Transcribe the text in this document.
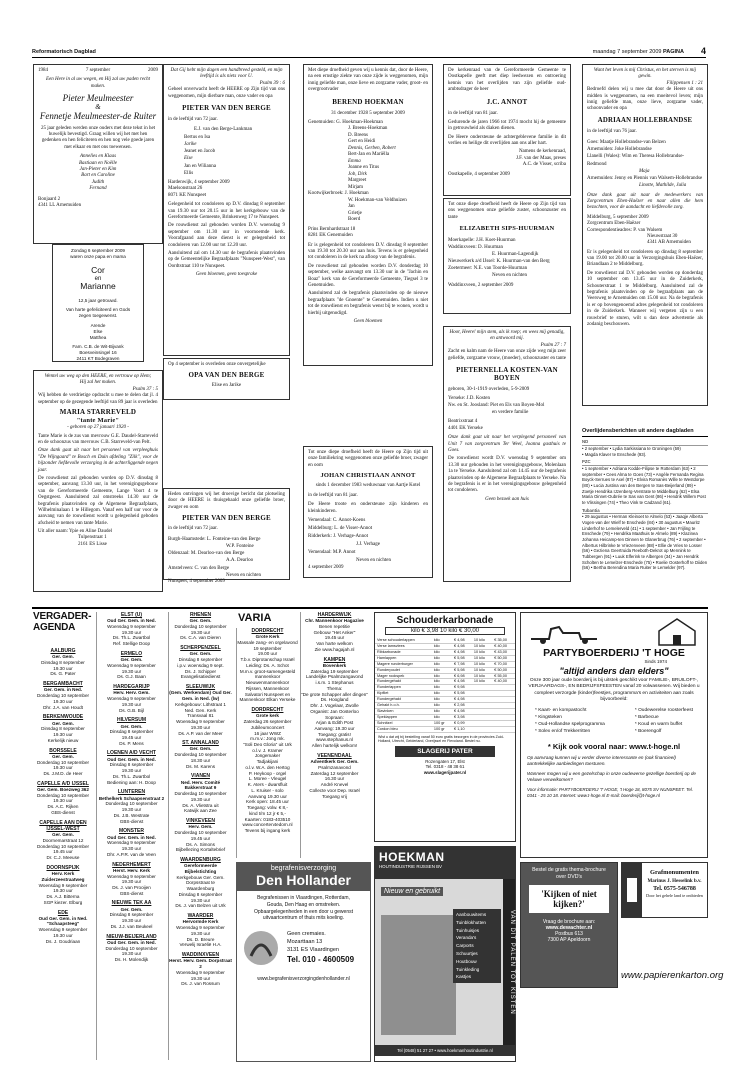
Reformatorisch Dagblad	maandag 7 september 2009 PAGINA 4
1984	7 september	2009
Een Here in al uw wegen, en Hij zal uw paden recht maken.
Pieter Meulmeester
&
Fennetje Meulmeester-de Ruiter
25 jaar geleden werden onze ouders met deze tekst in het huwelijk bevestigd. Graag willen wij het met hen gedenken en hen feliciteren en hen nog vele goede jaren met elkaar en met ons toewensen.
Annelies en Klaas
Bastiaan en Noëlle
Jan-Pieter en Kim
Bart en Caroline
Judith
Fernand
Bonjaard 2
4341 LL Arnemuiden
Zondag 6 september 2009
waren onze papa en mama
Cor
en
Marianne
12,5 jaar getrouwd.
Van harte gefeliciteerd en Gods zegen toegewenst.
Arende
Else
Matthea
Fam. C.B. de Wit-Bijvank
Boesveinsingel 16
2411 KT Bodegraven
Wentel uw weg op den HEERE, en vertrouw op Hem; Hij zal het maken.
Psalm 37 : 5
Wij hebben de verdrietige opdracht u mee te delen dat jl. 4 september op de gezegende leeftijd van 89 jaar is overleden
MARIA STARREVELD
"tante Marie"
- geboren op 27 januari 1920 -
Tante Marie is de zus van mevrouw G.E. Daudel-Starreveld en de schoonzus van mevrouw C.B. Starreveld-van Pelt.
Onze dank gaat uit naar het personeel van verpleeghuis "De Wijngaard" te Bosch en Duin afdeling "Zilk", voor de bijzonder liefdevolle verzorging in de achterliggende negen jaar.
De rouwdienst zal gehouden worden op D.V. dinsdag 8 september, aanvang 13.30 uur, in het verenigingsgebouw van de Gereformeerde Gemeente, Lange Voort 4 te Oegstgeest. Aansluitend zal omstreeks 14.30 uur de begrafenis plaatsvinden op de Algemene Begraafplaats, Wilhelminalaan 1 te Hillegom. Vanaf een half uur voor de aanvang van de rouwdienst wordt u gelegenheid geboden afscheid te nemen van tante Marie.
Uit aller naam: Ypie en Aline Daudel
Tulpenstraat 1
2161 ES Lisse
Dat Gij hebt mijn dagen een handbreed gesteld, en mijn leeftijd is als niets voor U.
Psalm 39 : 6
Geheel onverwacht heeft de HEERE op Zijn tijd van ons weggenomen, mijn dierbare man, onze vader en opa
PIETER VAN DEN BERGE
in de leeftijd van 72 jaar.
E.J. van den Berge-Lankman
Bertus en Isa
Jarike
Jeanet en Jacob
Else
Jan en Wilianna
Ellis
Hardenwijk, 4 september 2009
Maelsonstraat 26
8071 KE Nunspeet
Gelegenheid tot condoleren op D.V. dinsdag 8 september van 19.30 uur tot 20.15 uur in het kerkgebouw van de Gereformeerde Gemeente, Brinkenweg 17 te Nunspeet.
De rouwdienst zal gehouden worden D.V. woensdag 9 september om 11.30 uur in voornoemde kerk. Voorafgaand aan deze dienst is er gelegenheid tot condoleren van 12.00 uur tot 12.20 uur.
Aansluitend zal om 14.30 uur de begrafenis plaatsvinden op de Gemeentelijke Begraafplaats "Nunspeet-West", van Oordtstraat 110 te Nunspeet.
Geen bloemen, geen toesprake
Op 4 september is overleden onze onvergetelijke
OPA VAN DEN BERGE
Elise en Jarike
Heden ontvingen wij het droevige bericht dat plotseling door de HEERE is thuisgehaald onze geliefde broer, zwager en oom
PIETER VAN DEN BERGE
in de leeftijd van 72 jaar.
Burgh-Haamstede: L. Fonteine-van den Berge
W.P. Fonteine
Oldenzaal: M. Dearloo-van den Berge
A.A. Dearloo
Amstelveen: C. van den Berge
Neven en nichten
Nunspeet, 4 september 2009
Met diepe droefheid geven wij u kennis dat, door de Heere, na een ernstige ziekte van onze zijde is weggenomen, mijn innig geliefde man, onze lieve en zorgzame vader, groot- en overgrootvader
BEREND HOEKMAN
31 december 1928 5 september 2009
Genemuiden: G. Hoekman-Hoekman
J. Breens-Hoekman
D. Breens
Gert en Heidi
Dennis, Gerben, Robert
Bert-Jan en Mariëlla
Emma
Joanne en Titus
Job, Dirk
Margreet
Mirjam
Kootwijkerbroek: J. Hoekman
W. Hoekman-van Veldhuizen
Jan
Grietje
Boerd
Prins Bernhardstraat 18
8281 EK Genemuiden
Er is gelegenheid tot condoleren D.V. dinsdag 8 september van 19.30 tot 20.30 uur aan huis. Tevens is er gelegenheid tot condoleren in de kerk na afloop van de begrafenis.
De rouwdienst zal gehouden worden D.V. donderdag 10 september, welke aanvangt om 13.30 uur in de "Jachin en Boaz" kerk van de Gereformeerde Gemeente, Tiegsel 3 te Genemuiden.
Aansluitend zal de begrafenis plaatsvinden op de nieuwe begraafplaats "de Gnoente" te Genemuiden. Indien u niet tot de rouwdienst en begrafenis wenst bij te wonen, wordt u hierbij uitgenodigd.
Geen bloemen
Tot onze diepe droefheid heeft de Heere op Zijn tijd uit onze familiekring weggenomen onze geliefde broer, zwager en oom
JOHAN CHRISTIAAN ANNOT
sinds 1 december 1983 weduwnaar van Aartje Kotel
in de leeftijd van 81 jaar.
De Heere troote en ondersteune zijn kinderen en kleinkinderen.
Vemendaal: C. Annot-Koens
Middelburg: L. de Visser-Annot
Ridderkerk: J. Verhage-Annot
J.J. Verhage
Vemendaal: M.P. Annot
Neven en nichten
4 september 2009
De kerkenraad van de Gereformeerde Gemeente te Oostkapelle geeft met diep leedwezen en ontroering kennis van het overlijden van zijn geliefde oud-ambtsdrager de heer
J.C. ANNOT
in de leeftijd van 81 jaar.
Gedurende de jaren 1966 tot 1974 mocht hij de gemeente in getrouwheid als diaken dienen.
De Heere ondersteune de achtergeblevene familie in dit verlies en heilige dit overlijden aan ons aller hart.
Namens de kerkenraad,
J.F. van der Maas, preses
A.C. de Visser, scriba
Oostkapelle, 4 september 2009
Tot onze diepe droefheid heeft de Heere op Zijn tijd van ons weggenomen onze geliefde zuster, schoonzuster en tante
ELIZABETH SIPS-HUURMAN
Moerkapelle: J.H. Koet-Huurman
Waddinxveen: D. Huurman
E. Huurman-Lagendijk
Nieuwerkerk a/d IJssel: K. Huurman-van den Berg
Zoetermeer: N.E. van Toorde-Huurman
Neven en nichten
Waddinxveen, 2 september 2009
Hoor, Heere! mijn stem, als ik roep; en wees mij genadig, en antwoord mij.
Psalm 27 : 7
Zacht en kalm nam de Heere van onze zijde weg mijn zeer geliefde, zorgzame vrouw, (moeder), schoonzuster en tante
PIETERNELLA KOSTEN-VAN BOYEN
geboren, 30-1-1919 overleden, 5-9-2009
Yerseke: J.D. Kosten
Nw. en St. Joosland: Piet en Els van Boyen-Mol
en verdere familie
Beatrixstraat 4
4401 EK Yerseke
Onze dank gaat uit naar het verplegend personeel van Unit 7 van zorgcentrum Ter Weel, Joanna gasthuis te Goes.
De rouwdienst wordt D.V. woensdag 9 september om 13.30 uur gehouden in het verenigingsgebouw, Molenlaan 1a te Yerseke. Aansluitend zal om 14.45 uur de begrafenis plaatsvinden op de Algemene Begraafplaats te Yerseke. Na de begrafenis is er in het verenigingsgebouw gelegenheid tot condoleren.
Geen bezoek aan huis
Want het leven is mij Christus, en het sterven is mij gewin.
Filippensen 1 : 21
Bedroefd delen wij u mee dat door de Heere uit ons midden is weggenomen, na een moeitevol leven; mijn innig geliefde man, onze lieve, zorgzame vader, schoonvader en opa
ADRIAAN HOLLEBRANDSE
in de leeftijd van 76 jaar.
Goes: Maatje Hollebrandse-van Belzen
Arnemuiden: Joke Hollebrandse
Llanelli (Wales): Wim en Theresa Hollebrandse-Redmond
Maja
Arnemuiden: Jenny en Plennis van Walsem-Hollebrandse
Linotte, Mathilde, Julia
Onze dank gaat uit naar de medewerkers van Zorgcentrum Ehen-Haëzer en naar allen die hem bezochten, voor de aandacht en liefdevolle zorg.
Middelburg, 5 september 2009
Zorgcentrum Eben-Haëzer
Correspondentieadres: P. van Walsem
Nieuwstraat 30
4341 AB Arnemuiden
Er is gelegenheid tot condoleren op dinsdag 8 september van 19.00 tot 20.00 uur in Verzorgingshuis Eben-Haëzer, Briandlaan 2 te Middelburg.
De rouwdienst zal D.V. gehouden worden op donderdag 10 september om 13.45 uur in de Zuiderkerk, Schouterstraat 1 te Middelburg. Aansluitend zal de begrafenis plaatsvinden op de begraafplaats aan de Veersweg te Arnemuiden om 15.00 uur. Na de begrafenis is er op bovengenoemd adres gelegenheid tot condoleren in de Zuiderkerk. Wanneer wij vergeten zijn u een rouwbrief te sturen, wilt u dan deze advertentie als zodanig beschouwen.
Overlijdensberichten uit andere dagbladen
ND
• 2 september • Lydia Sarkissiana te Groningen (59)
• Magda Klaver te Enschede (93).
PZC
• 1 september • Adriana Kodde-Filipse te Rotterdam (63) • 2 september • Cees Alma te Goes (73) • Angèle Fernanda Regina Boyck-Serrues te Axel (87) • Elvira Romanès Wille te Westdorpe (80) • Lucia Justina van den Bergen te Sas-Beijerland (89) • Zoetje Hendrika IJzenberg-Verstrate te Middelburg (62) • Elsa Maria Oinnet-Oubrée te Sas van Gent (86) • Hendrik Willem Post te Vlissingen (74) • Theo Vink te Cadzand (61).
Tubantia
• 29 augustus • Herman Kleinoet te Almelo (53) • Jaaqje Alberta Vogen-van der Wielf te Enschede (84) • 30 augustus • Mauritz Linderhof te Lemelerveld (41) • 1 september • Jan Frijling te Enschede (79) • Hendrika Maathuis te Almelo (89) • Klazinea Johanna Heicamp-ten Dinnen te Glanerbrug (76) • 2 september • Albertus Hilbrinke te Vriezenveen (88) • Ellie de Vries te Losser (56) • Geziena Geertruida Reeboth-Dekrot op Mennink te Tubbergen (91) • Luuk Elferink te Albergen (34) • Jan Hendrik Scholten te Lemelzer-Enschede (75) • Roelie Oosterhoff te Diiden (56) • Bertha Berendina Maria Ruiter te Lemelder (97).
VERGADER-AGENDA
AALBURG
Ger. Gem.
Dinsdag 8 september
19.30 uur
Ds. G. Pater
BERGAMBACHT
Ger. Gem. in Ned.
Donderdag 10 september
19.30 uur
Dhr. J.A. van Houdt
BERKENWOUDE
Ger. Gem.
Dinsdag 8 september
19.30 uur
Kerkelijk nieuw
BORSSELE
Ger. Gem.
Donderdag 10 september
19.30 uur
Ds. J.M.D. de Heer
CAPELLE A/D IJSSEL
Ger. Gem. Boezweg 362
Donderdag 10 september
19.30 uur
Ds. A.C. Rijken
GBS-dienst
CAPELLE AAN DEN IJSSEL-WEST
Ger. Gem.
Doornemarstraat 12
Donderdag 10 september
19.45 uur
Dr. C.J. Meeuse
DOORNSPIJK
Herv. Kerk Zuiderzeestraatweg
Woensdag 9 september
19.30 uur
Ds. A.J. Bitterna
SGP kiezer. Elburg
EDE
Oud Ger. Gem. in Ned. "Schaapsteeg"
Woensdag 9 september
19.30 uur
Ds. J. Goudriaan
ELST (U)
Oud Ger. Gem. in Ned.
Woensdag 9 september
19.30 uur
Ds. Th.L. Zwartbol
Ref. Stellige Doop
ERMELO
Ger. Gem.
Woensdag 9 september
19.30 uur
Ds. G.J. Baan
HARDEGARIJP
Herv. Herv. Gem.
Woensdag 9 september
19.30 uur
Ds. G.B. Bijl
HILVERSUM
Ger. Gem.
Dinsdag 8 september
19.45 uur
Ds. P. Mens
LOENEN A/D VECHT
Oud Ger. Gem. in Ned.
Dinsdag 8 september
19.30 uur
Ds. Th.L. Zwartbol
Bediening aan: H. Doop
LUNTEREN
Bethelkerk Schaapsenstraat 2
Donderdag 10 september
19.30 uur
Ds. J.B. Westrate
GBS-dienst
MONSTER
Oud Ger. Gem. in Ned.
Woensdag 9 september
19.30 uur
Dhr. A.P.R. van de Veen
NEDERHEMERT
Herst. Herv. Kerk
Woensdag 9 september
19.30 uur
Ds. J. van Prooijen
GBS-dienst
NIEUWE TEK AA
Ger. Gem.
Dinsdag 8 september
19.30 uur
Ds. J.J. van Beukeel
NIEUW-BEIJERLAND
Oud Ger. Gem. in Ned.
Donderdag 10 september
19.30 uur
Ds. H. Molendijk
RHENEN
Ger. Gem.
Donderdag 10 september
19.30 uur
Ds. C.A. van Dieren
SCHERPENZEEL
Ger. Gem.
Dinsdag 8 september
i.p.v. woensdag 9 sept.
Ds. J. Schipper
Evangelisatiedienst
SLEEUWIJK
(Gem. Werkendam) Oud Ger. Gem. in Ned. (lw)
Kerkgebouw: Lithstraat 1
Ned. Gen. Kerk
Transvaal 81
Woensdag 9 september
19.30 uur
Ds. A.P. van der Meer
ST. ANNALAND
Ger. Gem.
Donderdag 10 september
18.30 uur
Ds. M. Karens
VIANEN
Ned. Herv. Comité Bakkerstraat 9
Donderdag 10 september
19.30 uur
Ds. A. Vlietstra uit
Katwijk aan Zee
VINKEVEEN
Herv. Gem.
Donderdag 10 september
19.45 uur
Ds. A. Simons
Bijbellezing Kortaltebrief
WAARDENBURG
Gereformeerde Bijbelstichting
Kerkgebouw Ger. Gem.
Dorpsstraat te
Waardenburg
Dinsdag 8 september
19.30 uur
Ds. J. van Belzen uit Urk
WAARDER
Hervormde Kerk
Woensdag 9 september
19.30 uur
Ds. D. Breure
Verwelij Israëlië H.A.
WADDINXVEEN
Herst. Herv. Gem. Dorpstraat 2
Woensdag 9 september
19.30 uur
Ds. J. van Rossum
VARIA
DORDRECHT
Grote Kerk
Massale zang- en orgelavond
19 september
19.00 uur
T.b.v. Diprotanschap Israël
Leiding: Ds. A. Schot
M.m.v. groot-samengesteld mannenkoor
Nieuwenmannenkoor Rijssen, Mannenkoor Salvatori Nunspeet en Mannenkoor Elkan Yerseke
DORDRECHT
Grote kerk
Zaterdag 26 september
Jubileumconcert
16 jaar WWZ
m.m.v.: Jong mk.
"Soli Deo Gloria" uit Urk
o.l.v. J. Kramer
Jongemaker
Tadjakijani
o.l.v. W.A. den Hertog
P. Heykoop - orgel
L. Moree - Vleugel
K. Aters - dwarsfluit
L. Kruiser - solo
Aanvang 19.30 uur
Kerk open: 18.45 uur
Toegang: volw. € 8,-
kind t/m 12 jr € 5,-
Kaarten: 0183-403510
www.concerten4edom.nl
Tevens bij ingang kerk
HARDERWIJK
Chr. Mannenkoor Hagazive
Benen repetitie
Gebouw "Het Anker"
19.45 uur
Van harte welkom
Zie www.hagajah.nl
KAMPEN
Bovenkerk
Zaterdag 19 september
Landelijke Psalmzangavond i.s.m. 1 Stephanus
Thema:
"De grote Schapper aller dingen"
Ds. Hoogland
Dhr. J. Vogelaar, Zwolle
Organist: Jan Oosterloo
Sopraan:
Arjan & Edith Post
Aanvang: 19.30 uur
Toegang: gratis!
www.stephanus.nl
Allen hartelijk welkom!
VEENENDAAL
Adventkerk Ger. Gem.
Psalmzanavond
Zaterdag 12 september
16.30 uur
André Knevel
Collecte voor Dep. Israël
Toegang vrij
begrafenisverzorging
Den Hollander
Begrafenissen in Vlaardingen, Rotterdam,
Gouda, Den Haag en omstreken.
Opbaargelegenheden in een door u gewenst
uitvaartcentrum of thuis mits koeling.
Geen cremaies.
Mozarttaan 13
3131 ES Vlaardingen
Tel. 010 - 4600509
www.begrafenisverzorgingdenhollander.nl
Schouderkarbonade
kilo € 3,98 10 kilo € 30,00
Verse schouderlappen	kilo	€ 4,98	10 kilo	€ 35,00
Verse lamsvlees	kilo	€ 4,98	10 kilo	€ 40,00
Ribkarbonade	kilo	€ 4,98	10 kilo	€ 43,00
Hamlappen	kilo	€ 5,98	10 kilo	€ 50,00
Magere runderburger	kilo	€ 7,98	10 kilo	€ 70,00
Runderpoulet	kilo	€ 5,98	10 kilo	€ 50,00
Mager rookspek	kilo	€ 6,98	10 kilo	€ 55,00
Rundergehakt	kilo	€ 4,98	10 kilo	€ 40,00
Runderlappen	kilo	€ 9,98		
Kipfilet	kilo	€ 5,98		
Rundergehakt	kilo	€ 4,98		
Gehakt h.o.h.	kilo	€ 2,98		
Slavinken	kilo	€ 4,98		
Speklappen	kilo	€ 3,98		
Schnitzel	100 gr	€ 0,99		
Cordon bleu	100 gr	€ 1,10		
Wist u dat wij bij bestelling vanaf 50 euro gratis bezorgen in de provincies Zuid-Holland, Utrecht, Gelderland, Overijssel en Flevoland. Bestel nu.
SLAGERIJ PATER
Rozengaten 17, Elst
Tel. 0318 - 48 38 61
www.slagerijpater.nl
HOEKMAN
HOUTINDUSTRIE RIJSSEN BV
Nieuw en gebruikt
Aanbouwitems
Tuinblokhutten
Tuinhuisjes
Veranda's
Carports
Schuurtjes
Houtbouw
Tuinkleding
Kastjes	VAN DIT PALEN TOT KISTEN
Tel (0548) 51 27 27 • www.hoekmanhoutindustrie.nl
PARTYBOERDERIJ 'T HOGE
Sinds 1974
"altijd anders dan elders"
Onze 300 jaar oude boerderij is bij uitstek geschikt voor FAMILIE-, BRUILOFT-, VERJAARDAGS-, EN BEDRIJFSFEESTEN vanaf 20 volwassenen. Wij bieden u compleet verzorgde (kinder)feestjes, programma's en activiteiten aan zoals bijvoorbeeld:
* Kaart- en kompastocht
* Kingsteken
* Oud-Hollandse spelprogramma
* Solex en/of Trekkerritten
* Oudewerelse roosterfeest
* Barbecue
* Koud en warm buffet
* Boerengolf
* Kijk ook vooral naar: www.t-hoge.nl
Op aanvraag kunnen wij u verder diverse interessante en (ook financieel) aantrekkelijke aanbiedingen toesturen.
Wanneer mogen wij u een gezelschap in onze oudewerse gezellige boerderij op de Veluwe verwelkomen?
Voor informatie: PARTYBOERDERIJ 'T HOGE, 't Hoge 18, 8075 SV NUNSPEET. Tel. 0341 - 25 10 18. Internet: www.t-hoge.nl E-mail: boerderij@t-hoge.nl
Bestel de gratis thema-brochure over DVD's
'Kijken of niet kijken?'
Vraag de brochure aan:
www.dewachter.nl
Postbus 613
7300 AP Apeldoorn
Grafmonumenten
Marinus J. Hesselink b.v.
Tel. 0575-546788
Door het gehele land te ontbieden
www.papierenkarton.org
